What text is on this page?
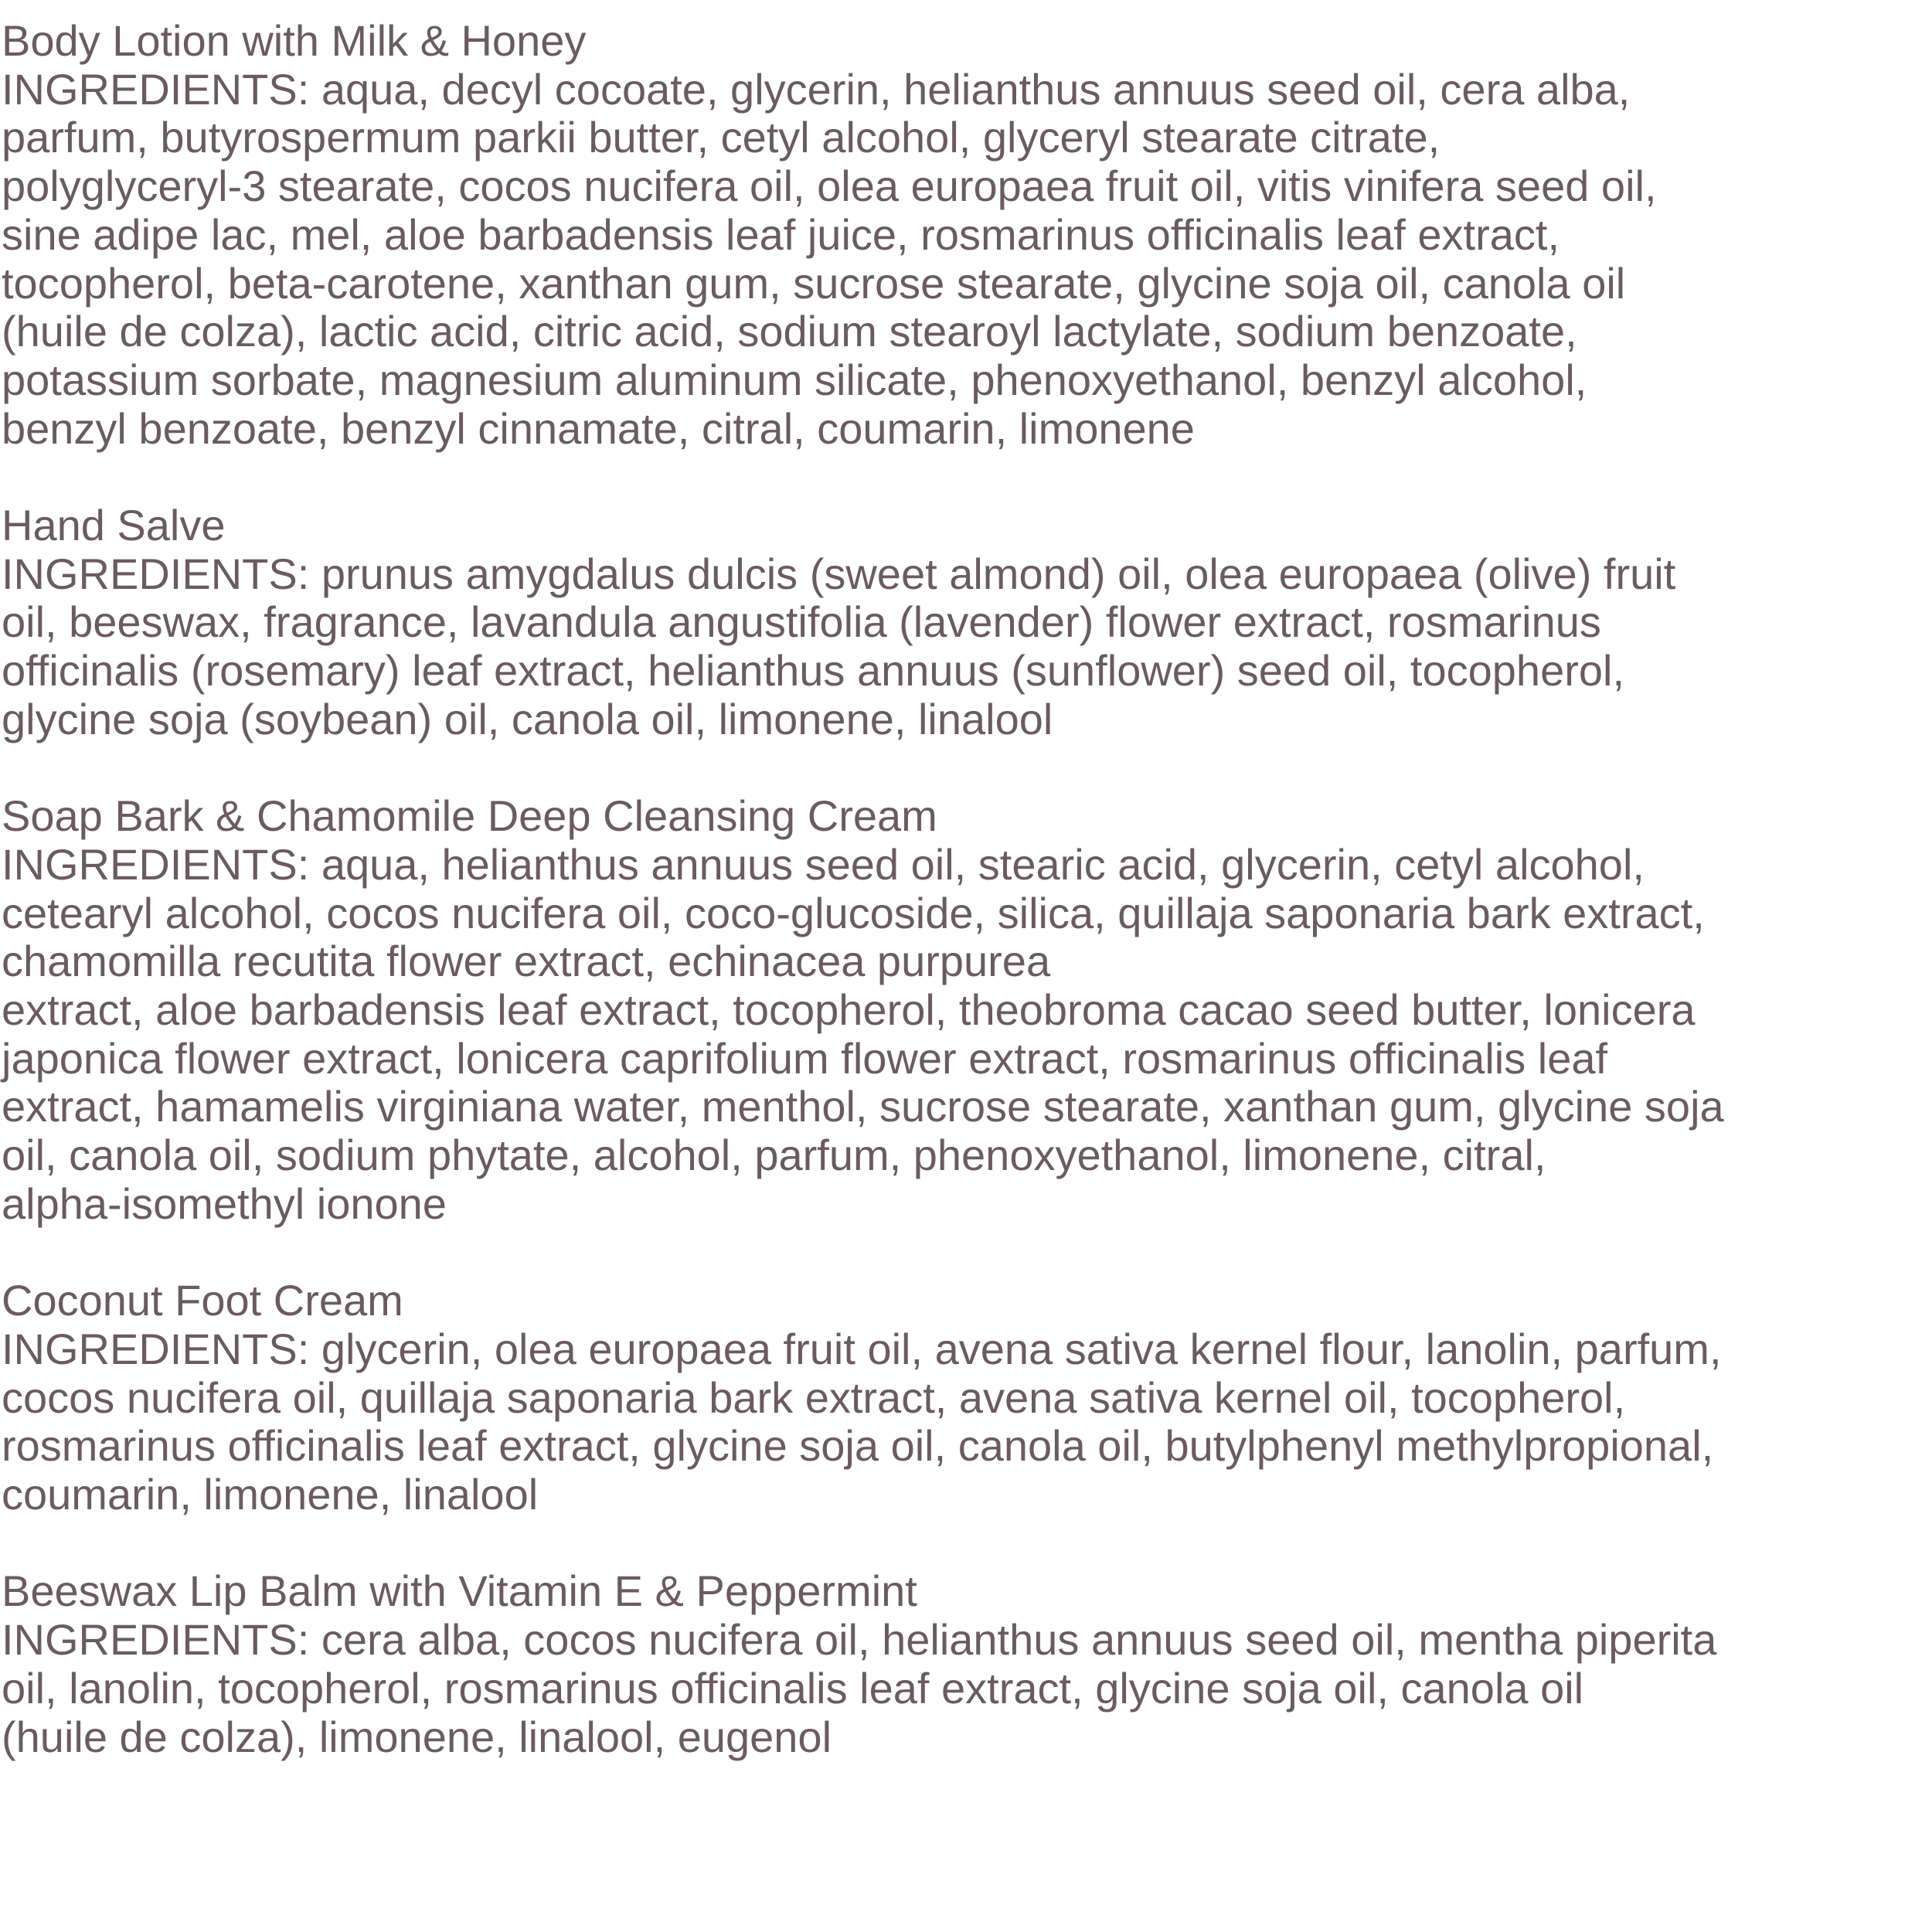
Body Lotion with Milk & Honey
INGREDIENTS: aqua, decyl cocoate, glycerin, helianthus annuus seed oil, cera alba,
parfum, butyrospermum parkii butter, cetyl alcohol, glyceryl stearate citrate,
polyglyceryl-3 stearate, cocos nucifera oil, olea europaea fruit oil, vitis vinifera seed oil,
sine adipe lac, mel, aloe barbadensis leaf juice, rosmarinus officinalis leaf extract,
tocopherol, beta-carotene, xanthan gum, sucrose stearate, glycine soja oil, canola oil
(huile de colza), lactic acid, citric acid, sodium stearoyl lactylate, sodium benzoate,
potassium sorbate, magnesium aluminum silicate, phenoxyethanol, benzyl alcohol,
benzyl benzoate, benzyl cinnamate, citral, coumarin, limonene
Hand Salve
INGREDIENTS: prunus amygdalus dulcis (sweet almond) oil, olea europaea (olive) fruit
oil, beeswax, fragrance, lavandula angustifolia (lavender) flower extract, rosmarinus
officinalis (rosemary) leaf extract, helianthus annuus (sunflower) seed oil, tocopherol,
glycine soja (soybean) oil, canola oil, limonene, linalool
Soap Bark & Chamomile Deep Cleansing Cream
INGREDIENTS: aqua, helianthus annuus seed oil, stearic acid, glycerin, cetyl alcohol,
cetearyl alcohol, cocos nucifera oil, coco-glucoside, silica, quillaja saponaria bark extract,
chamomilla recutita flower extract, echinacea purpurea
extract, aloe barbadensis leaf extract, tocopherol, theobroma cacao seed butter, lonicera
japonica flower extract, lonicera caprifolium flower extract, rosmarinus officinalis leaf
extract, hamamelis virginiana water, menthol, sucrose stearate, xanthan gum, glycine soja
oil, canola oil, sodium phytate, alcohol, parfum, phenoxyethanol, limonene, citral,
alpha-isomethyl ionone
Coconut Foot Cream
INGREDIENTS: glycerin, olea europaea fruit oil, avena sativa kernel flour, lanolin, parfum,
cocos nucifera oil, quillaja saponaria bark extract, avena sativa kernel oil, tocopherol,
rosmarinus officinalis leaf extract, glycine soja oil, canola oil, butylphenyl methylpropional,
coumarin, limonene, linalool
Beeswax Lip Balm with Vitamin E & Peppermint
INGREDIENTS: cera alba, cocos nucifera oil, helianthus annuus seed oil, mentha piperita
oil, lanolin, tocopherol, rosmarinus officinalis leaf extract, glycine soja oil, canola oil
(huile de colza), limonene, linalool, eugenol
